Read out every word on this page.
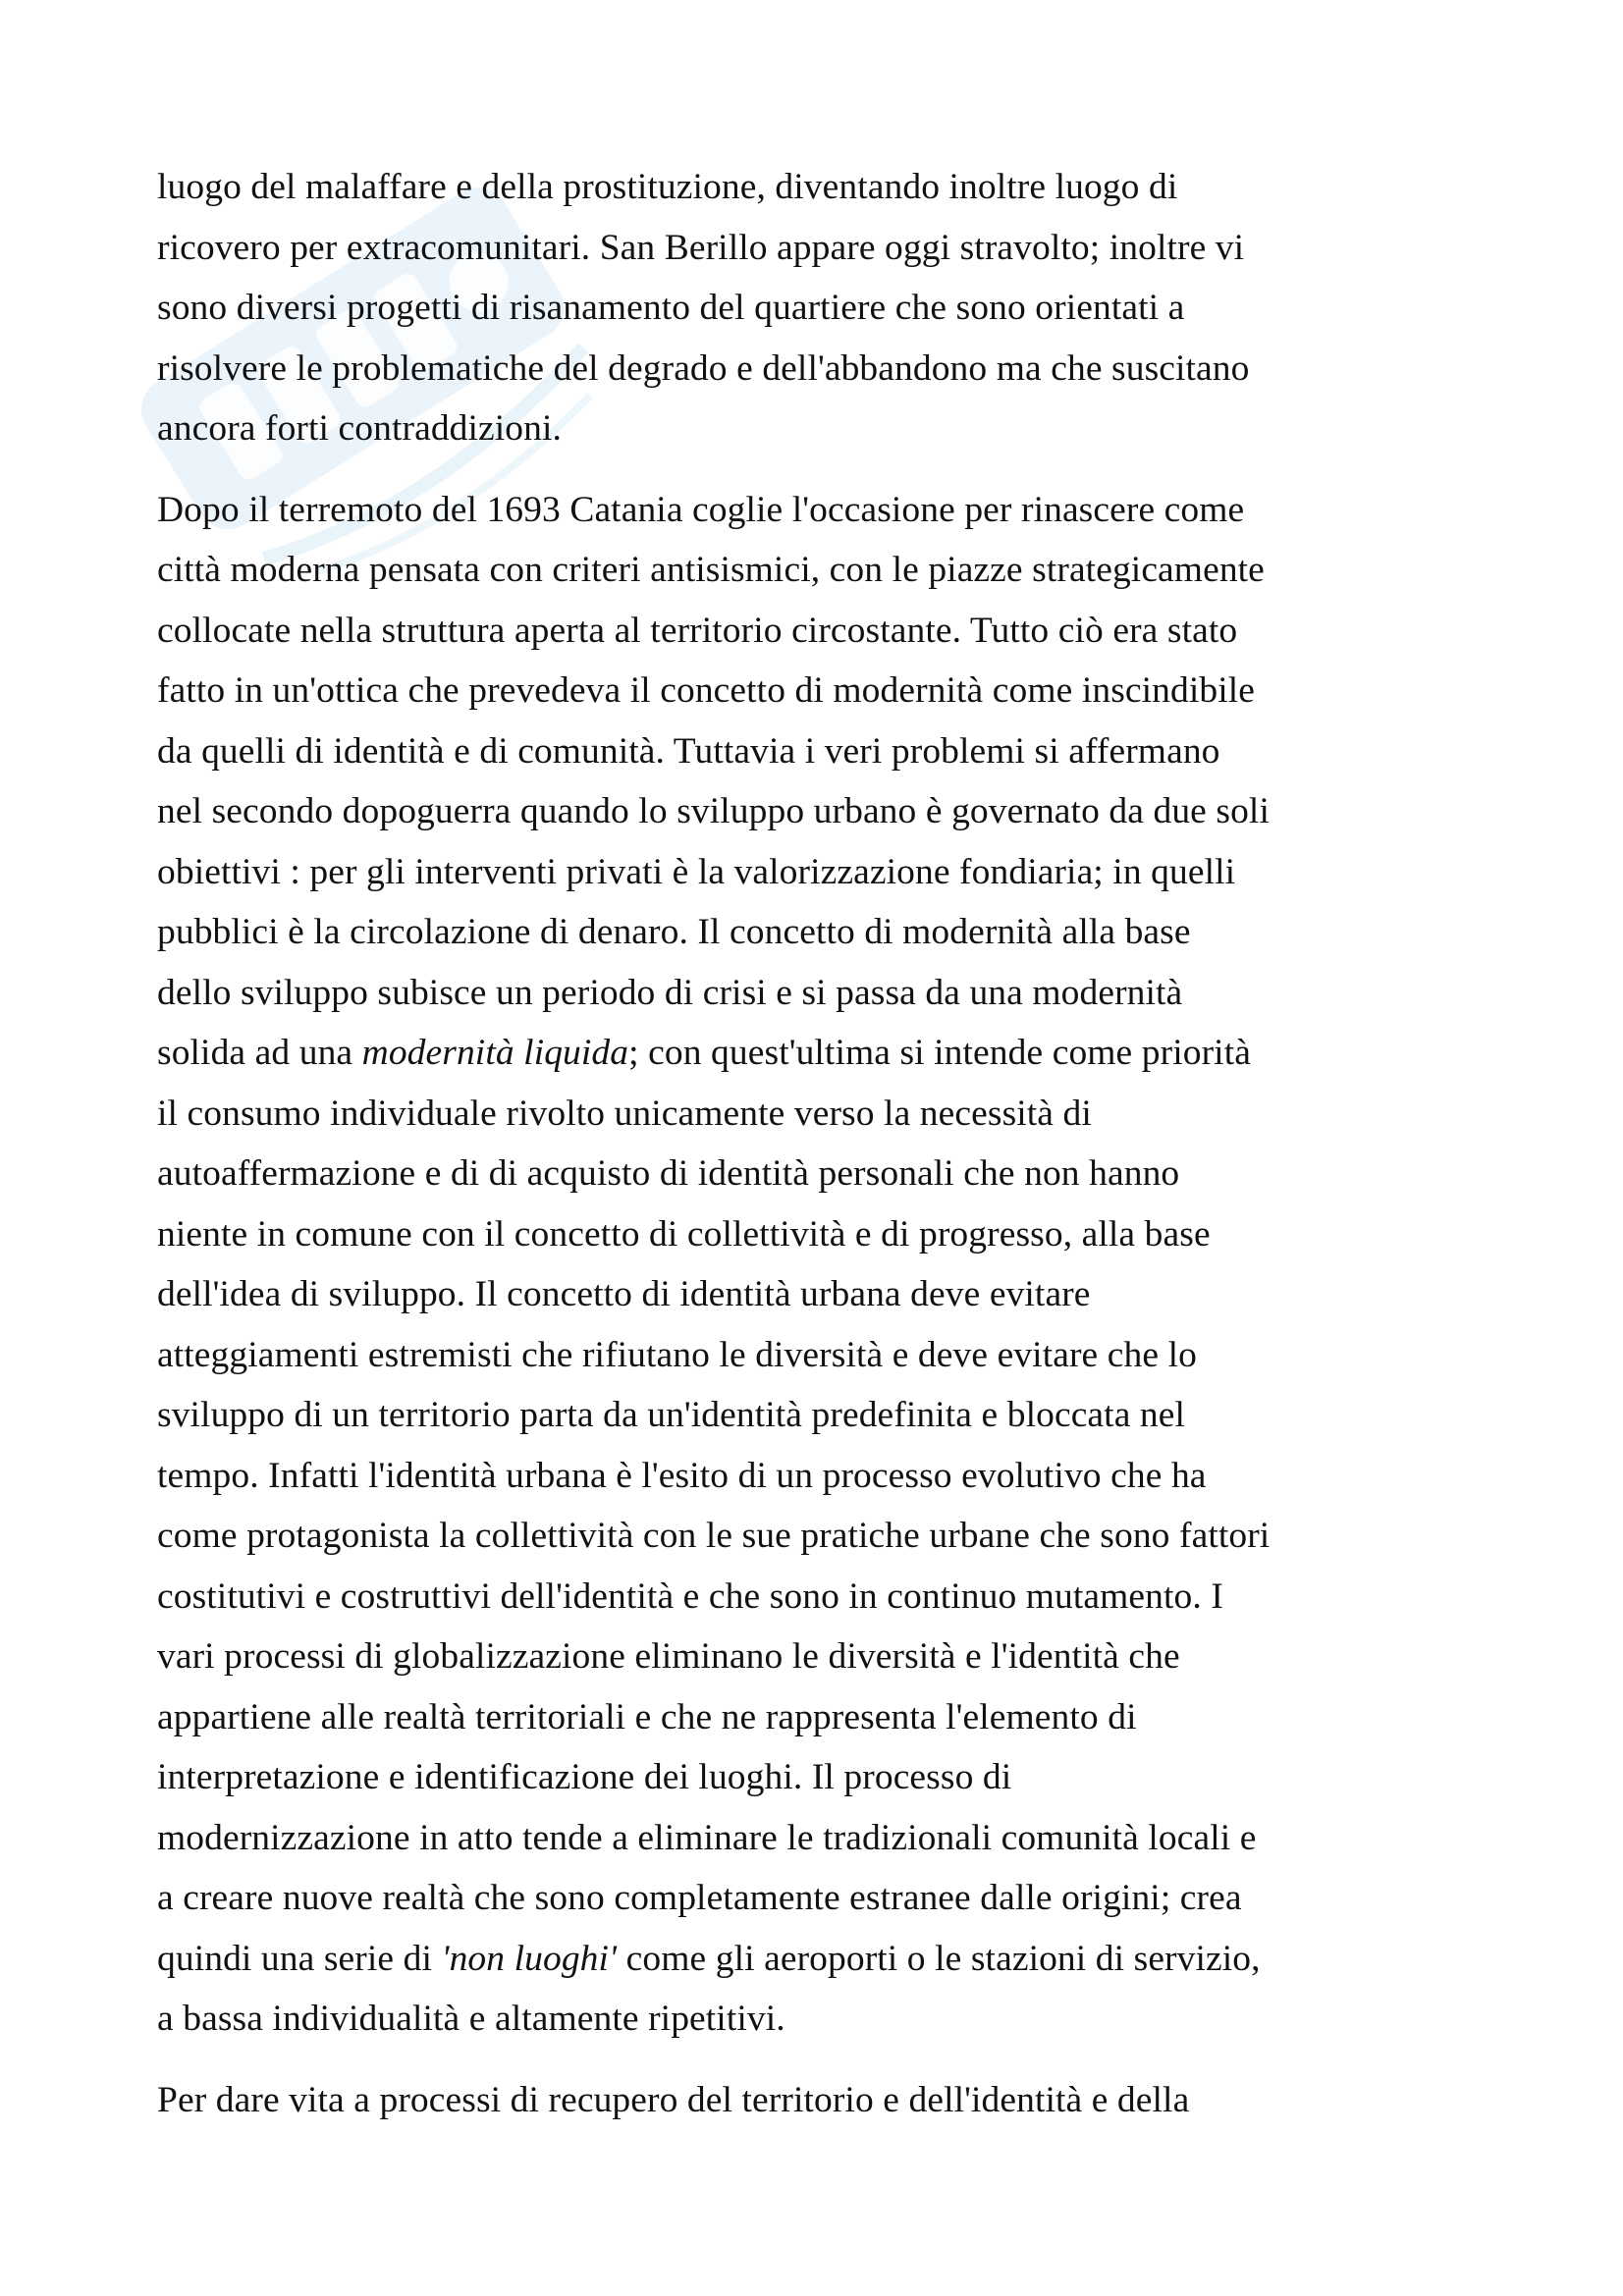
luogo del malaffare e della prostituzione, diventando inoltre luogo di
ricovero per extracomunitari. San Berillo appare oggi stravolto; inoltre vi
sono diversi progetti di risanamento del quartiere che sono orientati a
risolvere le problematiche del degrado e dell'abbandono ma che suscitano
ancora forti contraddizioni.
Dopo il terremoto del 1693 Catania coglie l'occasione per rinascere come
città moderna pensata con criteri antisismici, con le piazze strategicamente
collocate nella struttura aperta al territorio circostante. Tutto ciò era stato
fatto in un'ottica che prevedeva il concetto di modernità come inscindibile
da quelli di identità e di comunità. Tuttavia i veri problemi si affermano
nel secondo dopoguerra quando lo sviluppo urbano è governato da due soli
obiettivi : per gli interventi privati è la valorizzazione fondiaria; in quelli
pubblici è la circolazione di denaro. Il concetto di modernità alla base
dello sviluppo subisce un periodo di crisi e si passa da una modernità
solida ad una modernità liquida; con quest'ultima si intende come priorità
il consumo individuale rivolto unicamente verso la necessità di
autoaffermazione e di di acquisto di identità personali che non hanno
niente in comune con il concetto di collettività e di progresso, alla base
dell'idea di sviluppo. Il concetto di identità urbana deve evitare
atteggiamenti estremisti che rifiutano le diversità e deve evitare che lo
sviluppo di un territorio parta da un'identità predefinita e bloccata nel
tempo. Infatti l'identità urbana è l'esito di un processo evolutivo che ha
come protagonista la collettività con le sue pratiche urbane che sono fattori
costitutivi e costruttivi dell'identità e che sono in continuo mutamento. I
vari processi di globalizzazione eliminano le diversità e l'identità che
appartiene alle realtà territoriali e che ne rappresenta l'elemento di
interpretazione e identificazione dei luoghi. Il processo di
modernizzazione in atto tende a eliminare le tradizionali comunità locali e
a creare nuove realtà che sono completamente estranee dalle origini; crea
quindi una serie di 'non luoghi' come gli aeroporti o le stazioni di servizio,
a bassa individualità e altamente ripetitivi.
Per dare vita a processi di recupero del territorio e dell'identità e della
